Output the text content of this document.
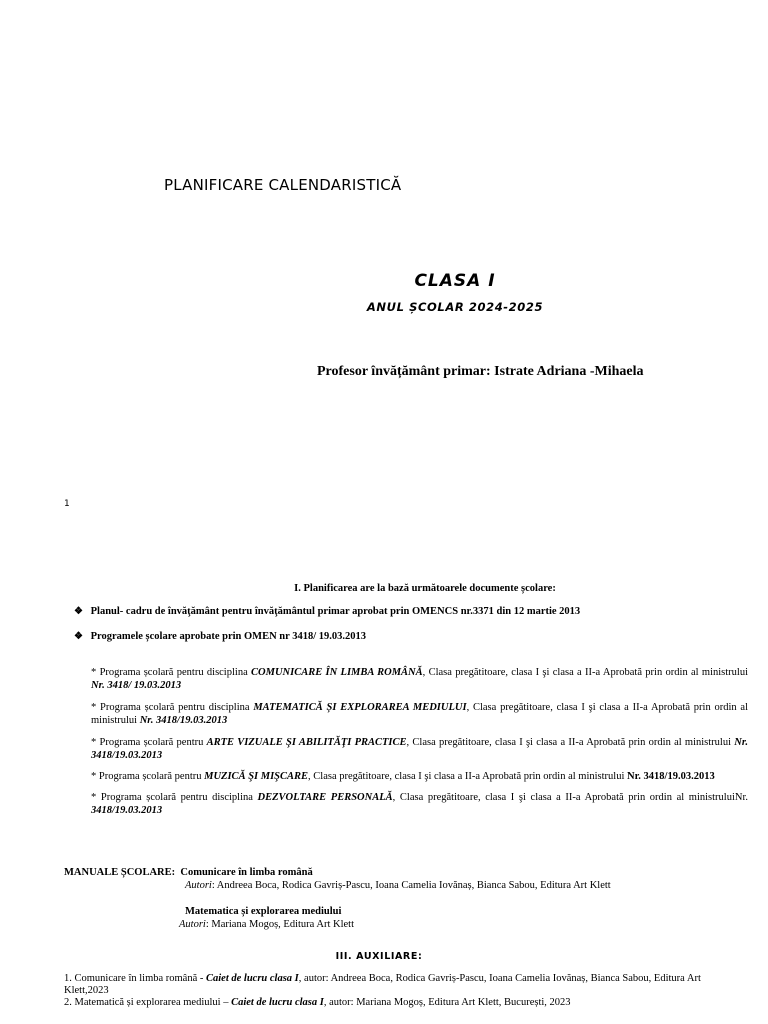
PLANIFICARE CALENDARISTICĂ
CLASA I
ANUL ȘCOLAR 2024-2025
Profesor învățământ primar: Istrate Adriana -Mihaela
1
I. Planificarea are la bază următoarele documente școlare:
❖ Planul- cadru de învăţământ pentru învăţământul primar aprobat prin OMENCS nr.3371 din 12 martie 2013
❖ Programele școlare aprobate prin OMEN nr 3418/ 19.03.2013
* Programa școlară pentru disciplina COMUNICARE ÎN LIMBA ROMÂNĂ, Clasa pregătitoare, clasa I şi clasa a II-a Aprobată prin ordin al ministrului Nr. 3418/ 19.03.2013
* Programa școlară pentru disciplina MATEMATICĂ ȘI EXPLORAREA MEDIULUI, Clasa pregătitoare, clasa I şi clasa a II-a Aprobată prin ordin al ministrului Nr. 3418/19.03.2013
* Programa școlară pentru ARTE VIZUALE ŞI ABILITĂŢI PRACTICE, Clasa pregătitoare, clasa I şi clasa a II-a Aprobată prin ordin al ministrului Nr. 3418/19.03.2013
* Programa școlară pentru MUZICĂ ŞI MIŞCARE, Clasa pregătitoare, clasa I şi clasa a II-a Aprobată prin ordin al ministrului Nr. 3418/19.03.2013
* Programa școlară pentru disciplina DEZVOLTARE PERSONALĂ, Clasa pregătitoare, clasa I şi clasa a II-a Aprobată prin ordin al ministruluiNr. 3418/19.03.2013
MANUALE ȘCOLARE: Comunicare în limba română
Autori: Andreea Boca, Rodica Gavriș-Pascu, Ioana Camelia Iovănaș, Bianca Sabou, Editura Art Klett
Matematica și explorarea mediului
Autori: Mariana Mogoș, Editura Art Klett
III. AUXILIARE:
1. Comunicare în limba română - Caiet de lucru clasa I, autor: Andreea Boca, Rodica Gavriș-Pascu, Ioana Camelia Iovănaș, Bianca Sabou, Editura Art Klett,2023
2. Matematică și explorarea mediului – Caiet de lucru clasa I, autor: Mariana Mogoș, Editura Art Klett, București, 2023
